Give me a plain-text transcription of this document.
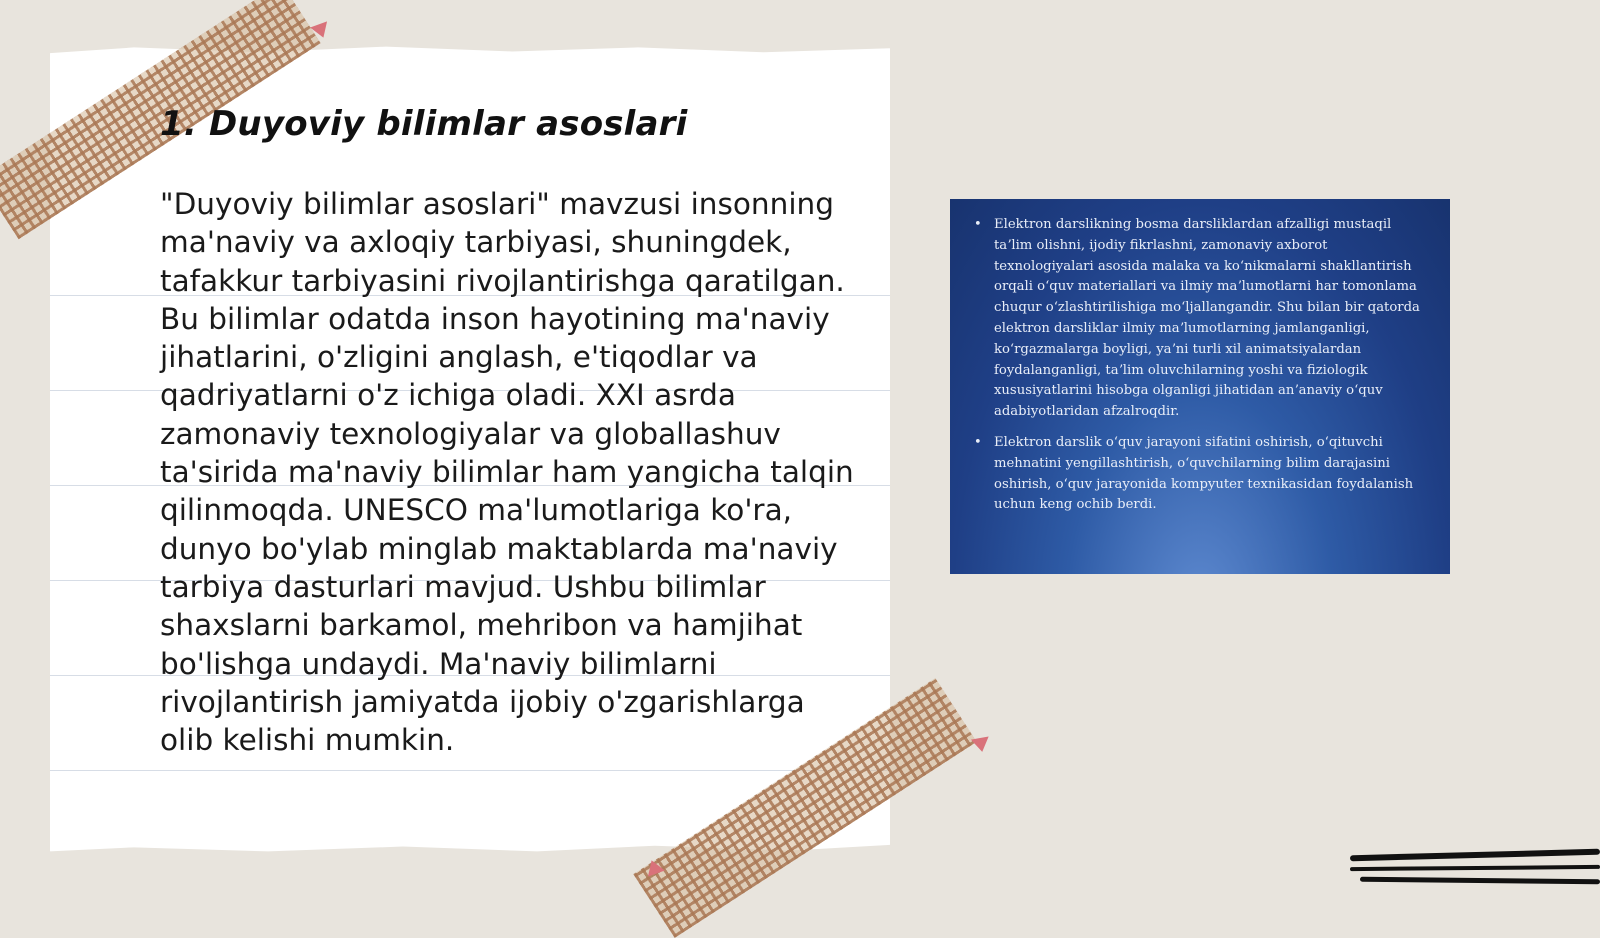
1. Duyoviy bilimlar asoslari

"Duyoviy bilimlar asoslari" mavzusi insonning ma'naviy va axloqiy tarbiyasi, shuningdek, tafakkur tarbiyasini rivojlantirishga qaratilgan. Bu bilimlar odatda inson hayotining ma'naviy jihatlarini, o'zligini anglash, e'tiqodlar va qadriyatlarni o'z ichiga oladi. XXI asrda zamonaviy texnologiyalar va globallashuv ta'sirida ma'naviy bilimlar ham yangicha talqin qilinmoqda. UNESCO ma'lumotlariga ko'ra, dunyo bo'ylab minglab maktablarda ma'naviy tarbiya dasturlari mavjud. Ushbu bilimlar shaxslarni barkamol, mehribon va hamjihat bo'lishga undaydi. Ma'naviy bilimlarni rivojlantirish jamiyatda ijobiy o'zgarishlarga olib kelishi mumkin.

• Elektron darslikning bosma darsliklardan afzalligi mustaqil taʼlim olishni, ijodiy fikrlashni, zamonaviy axborot texnologiyalari asosida malaka va koʻnikmalarni shakllantirish orqali oʻquv materiallari va ilmiy maʼlumotlarni har tomonlama chuqur oʻzlashtirilishiga moʻljallangandir. Shu bilan bir qatorda elektron darsliklar ilmiy maʼlumotlarning jamlanganligi, koʻrgazmalarga boyligi, yaʼni turli xil animatsiyalardan foydalanganligi, taʼlim oluvchilarning yoshi va fiziologik xususiyatlarini hisobga olganligi jihatidan anʼanaviy oʻquv adabiyotlaridan afzalroqdir.
• Elektron darslik oʻquv jarayoni sifatini oshirish, oʻqituvchi mehnatini yengillashtirish, oʻquvchilarning bilim darajasini oshirish, oʻquv jarayonida kompyuter texnikasidan foydalanish uchun keng ochib berdi.
